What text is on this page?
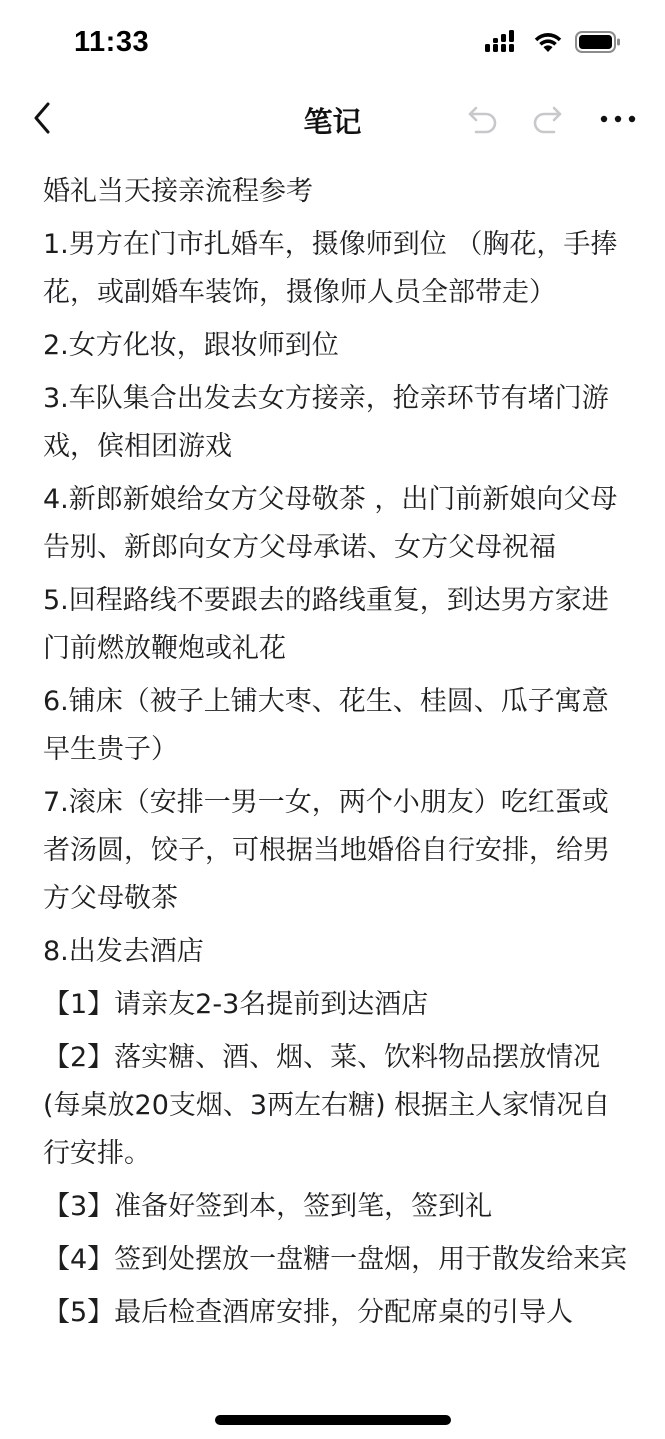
11:33
笔记

婚礼当天接亲流程参考

1.男方在门市扎婚车，摄像师到位 （胸花，手捧花，或副婚车装饰，摄像师人员全部带走）

2.女方化妆，跟妆师到位

3.车队集合出发去女方接亲，抢亲环节有堵门游戏，傧相团游戏

4.新郎新娘给女方父母敬茶 ，出门前新娘向父母告别、新郎向女方父母承诺、女方父母祝福

5.回程路线不要跟去的路线重复，到达男方家进门前燃放鞭炮或礼花

6.铺床（被子上铺大枣、花生、桂圆、瓜子寓意早生贵子）

7.滚床（安排一男一女，两个小朋友）吃红蛋或者汤圆，饺子，可根据当地婚俗自行安排，给男方父母敬茶

8.出发去酒店

【1】请亲友2-3名提前到达酒店

【2】落实糖、酒、烟、菜、饮料物品摆放情况(每桌放20支烟、3两左右糖) 根据主人家情况自行安排。

【3】准备好签到本，签到笔，签到礼

【4】签到处摆放一盘糖一盘烟，用于散发给来宾

【5】最后检查酒席安排，分配席桌的引导人
